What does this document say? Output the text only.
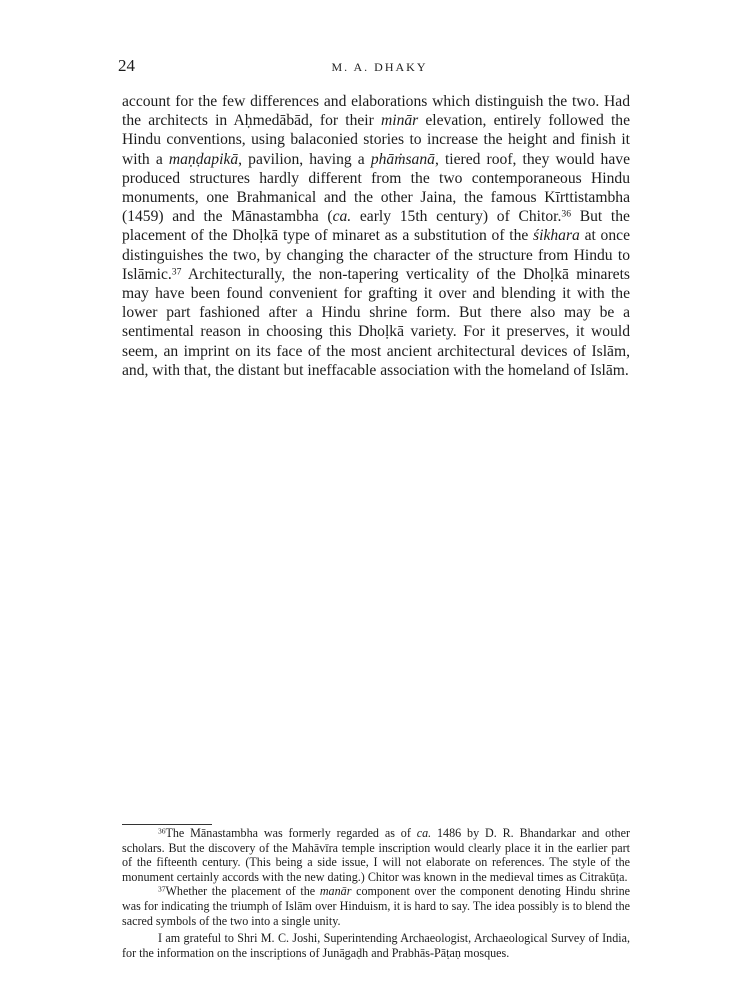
24	M. A. DHAKY
account for the few differences and elaborations which distinguish the two. Had the architects in Aḥmedābād, for their minār elevation, entirely followed the Hindu conventions, using balaconied stories to increase the height and finish it with a maṇḍapikā, pavilion, having a phāṁsanā, tiered roof, they would have produced structures hardly different from the two contemporaneous Hindu monuments, one Brahmanical and the other Jaina, the famous Kīrttistambha (1459) and the Mānastambha (ca. early 15th century) of Chitor.$^{36}$ But the placement of the Dhoḷkā type of minaret as a substitution of the śikhara at once distinguishes the two, by changing the character of the structure from Hindu to Islāmic.$^{37}$ Architecturally, the non-tapering verticality of the Dhoḷkā minarets may have been found convenient for grafting it over and blending it with the lower part fashioned after a Hindu shrine form. But there also may be a sentimental reason in choosing this Dhoḷkā variety. For it preserves, it would seem, an imprint on its face of the most ancient architectural devices of Islām, and, with that, the distant but ineffacable association with the homeland of Islām.

$^{36}$The Mānastambha was formerly regarded as of ca. 1486 by D. R. Bhandarkar and other scholars. But the discovery of the Mahāvīra temple inscription would clearly place it in the earlier part of the fifteenth century. (This being a side issue, I will not elaborate on references. The style of the monument certainly accords with the new dating.) Chitor was known in the medieval times as Citrakūṭa.

$^{37}$Whether the placement of the manār component over the component denoting Hindu shrine was for indicating the triumph of Islām over Hinduism, it is hard to say. The idea possibly is to blend the sacred symbols of the two into a single unity.

I am grateful to Shri M. C. Joshi, Superintending Archaeologist, Archaeological Survey of India, for the information on the inscriptions of Junāgaḍh and Prabhās-Pāṭaṇ mosques.
